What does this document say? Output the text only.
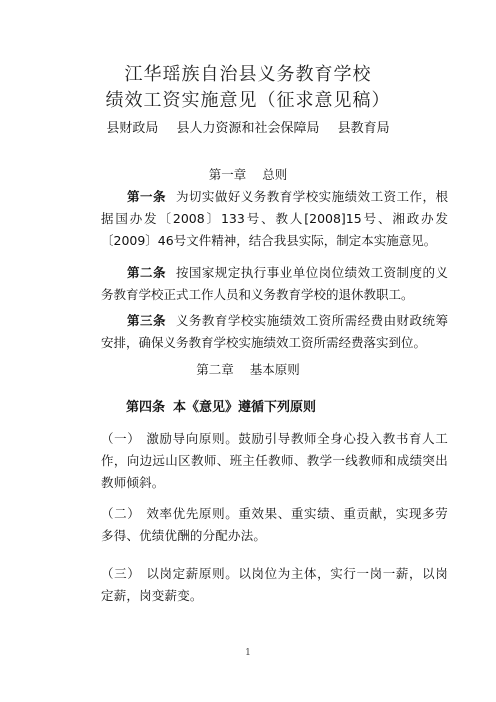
江华瑶族自治县义务教育学校
绩效工资实施意见（征求意见稿）
县财政局 县人力资源和社会保障局 县教育局
第一章 总则
第一条 为切实做好义务教育学校实施绩效工资工作，根据国办发〔2008〕133号、教人[2008]15号、湘政办发〔2009〕46号文件精神，结合我县实际，制定本实施意见。
第二条 按国家规定执行事业单位岗位绩效工资制度的义务教育学校正式工作人员和义务教育学校的退休教职工。
第三条 义务教育学校实施绩效工资所需经费由财政统筹安排，确保义务教育学校实施绩效工资所需经费落实到位。
第二章 基本原则
第四条 本《意见》遵循下列原则
（一） 激励导向原则。鼓励引导教师全身心投入教书育人工作，向边远山区教师、班主任教师、教学一线教师和成绩突出教师倾斜。
（二） 效率优先原则。重效果、重实绩、重贡献，实现多劳多得、优绩优酬的分配办法。
（三） 以岗定薪原则。以岗位为主体，实行一岗一薪，以岗定薪，岗变薪变。
1
